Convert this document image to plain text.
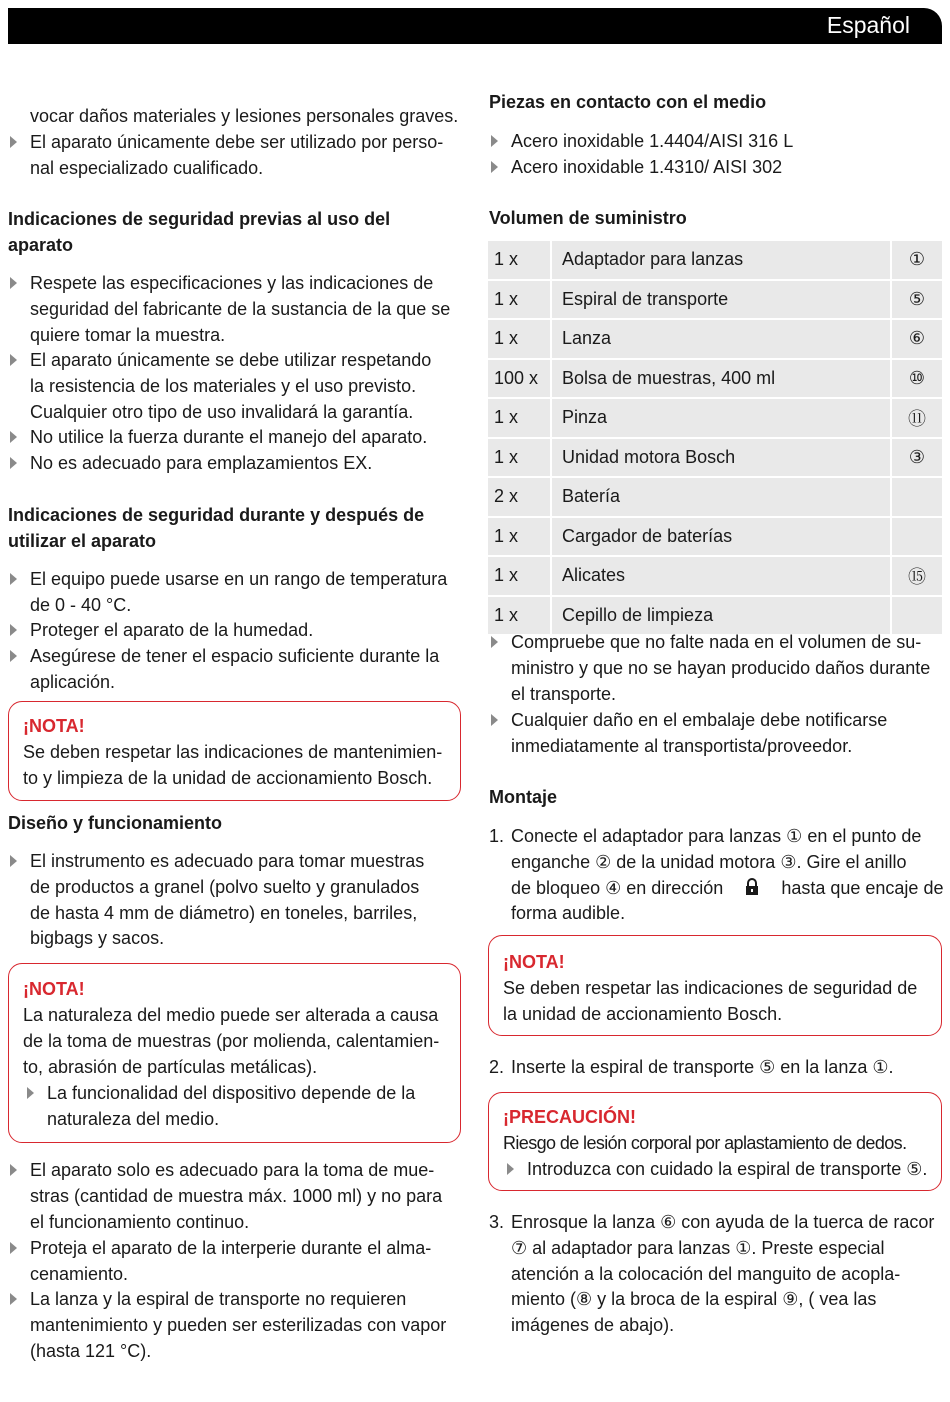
Español
vocar daños materiales y lesiones personales graves.
El aparato únicamente debe ser utilizado por perso-
nal especializado cualificado.
Indicaciones de seguridad previas al uso del
aparato
Respete las especificaciones y las indicaciones de
seguridad del fabricante de la sustancia de la que se
quiere tomar la muestra.
El aparato únicamente se debe utilizar respetando
la resistencia de los materiales y el uso previsto.
Cualquier otro tipo de uso invalidará la garantía.
No utilice la fuerza durante el manejo del aparato.
No es adecuado para emplazamientos EX.
Indicaciones de seguridad durante y después de
utilizar el aparato
El equipo puede usarse en un rango de temperatura
de 0 - 40 °C.
Proteger el aparato de la humedad.
Asegúrese de tener el espacio suficiente durante la
aplicación.
¡NOTA!
Se deben respetar las indicaciones de mantenimien-
to y limpieza de la unidad de accionamiento Bosch.
Diseño y funcionamiento
El instrumento es adecuado para tomar muestras
de productos a granel (polvo suelto y granulados
de hasta 4 mm de diámetro) en toneles, barriles,
bigbags y sacos.
¡NOTA!
La naturaleza del medio puede ser alterada a causa
de la toma de muestras (por molienda, calentamien-
to, abrasión de partículas metálicas).
La funcionalidad del dispositivo depende de la
naturaleza del medio.
El aparato solo es adecuado para la toma de mue-
stras (cantidad de muestra máx. 1000 ml) y no para
el funcionamiento continuo.
Proteja el aparato de la interperie durante el alma-
cenamiento.
La lanza y la espiral de transporte no requieren
mantenimiento y pueden ser esterilizadas con vapor
(hasta 121 °C).
Piezas en contacto con el medio
Acero inoxidable 1.4404/AISI 316 L
Acero inoxidable 1.4310/ AISI 302
Volumen de suministro
1 x	Adaptador para lanzas	①
1 x	Espiral de transporte	⑤
1 x	Lanza	⑥
100 x	Bolsa de muestras, 400 ml	⑩
1 x	Pinza	⑪
1 x	Unidad motora Bosch	③
2 x	Batería	
1 x	Cargador de baterías	
1 x	Alicates	⑮
1 x	Cepillo de limpieza	
Compruebe que no falte nada en el volumen de su-
ministro y que no se hayan producido daños durante
el transporte.
Cualquier daño en el embalaje debe notificarse
inmediatamente al transportista/proveedor.
Montaje
1. Conecte el adaptador para lanzas ① en el punto de
enganche ② de la unidad motora ③. Gire el anillo
de bloqueo ④ en dirección	hasta que encaje de
forma audible.
¡NOTA!
Se deben respetar las indicaciones de seguridad de
la unidad de accionamiento Bosch.
2. Inserte la espiral de transporte ⑤ en la lanza ①.
¡PRECAUCIÓN!
Riesgo de lesión corporal por aplastamiento de dedos.
Introduzca con cuidado la espiral de transporte ⑤.
3. Enrosque la lanza ⑥ con ayuda de la tuerca de racor
⑦ al adaptador para lanzas ①. Preste especial
atención a la colocación del manguito de acopla-
miento (⑧ y la broca de la espiral ⑨, ( vea las
imágenes de abajo).
